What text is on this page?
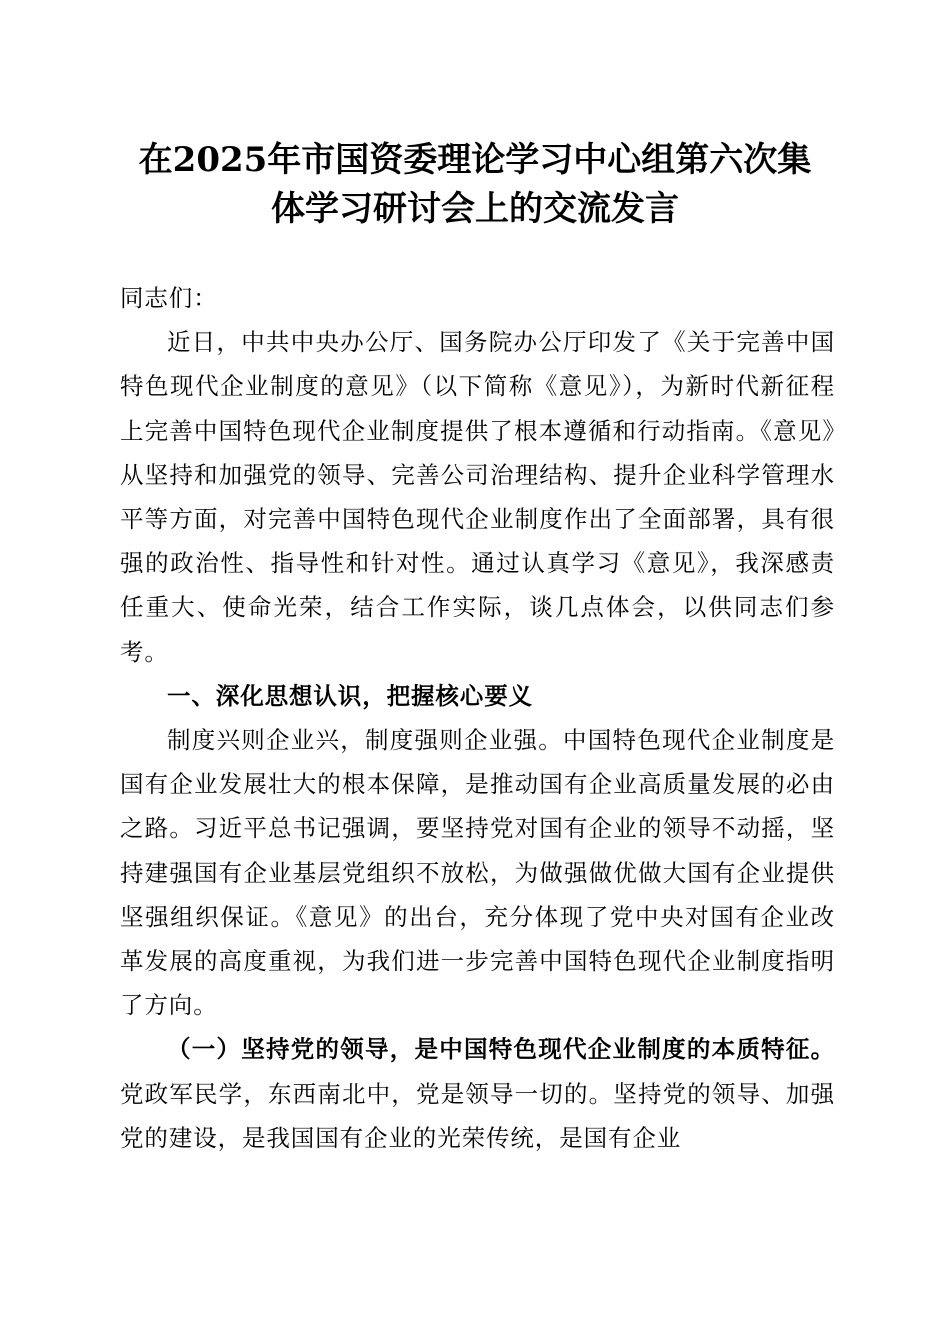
在2025年市国资委理论学习中心组第六次集
体学习研讨会上的交流发言

同志们：

近日，中共中央办公厅、国务院办公厅印发了《关于完善中国特色现代企业制度的意见》（以下简称《意见》），为新时代新征程上完善中国特色现代企业制度提供了根本遵循和行动指南。《意见》从坚持和加强党的领导、完善公司治理结构、提升企业科学管理水平等方面，对完善中国特色现代企业制度作出了全面部署，具有很强的政治性、指导性和针对性。通过认真学习《意见》，我深感责任重大、使命光荣，结合工作实际，谈几点体会，以供同志们参考。

一、深化思想认识，把握核心要义

制度兴则企业兴，制度强则企业强。中国特色现代企业制度是国有企业发展壮大的根本保障，是推动国有企业高质量发展的必由之路。习近平总书记强调，要坚持党对国有企业的领导不动摇，坚持建强国有企业基层党组织不放松，为做强做优做大国有企业提供坚强组织保证。《意见》的出台，充分体现了党中央对国有企业改革发展的高度重视，为我们进一步完善中国特色现代企业制度指明了方向。

（一）坚持党的领导，是中国特色现代企业制度的本质特征。党政军民学，东西南北中，党是领导一切的。坚持党的领导、加强党的建设，是我国国有企业的光荣传统，是国有企业
